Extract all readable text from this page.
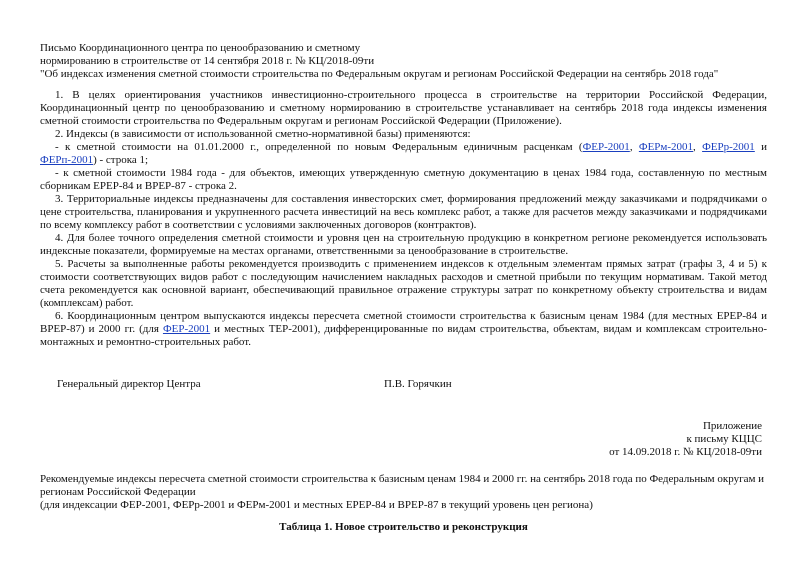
Письмо Координационного центра по ценообразованию и сметному
нормированию в строительстве от 14 сентября 2018 г. № КЦ/2018-09ти
"Об индексах изменения сметной стоимости строительства по Федеральным округам и регионам Российской Федерации на сентябрь 2018 года"

1. В целях ориентирования участников инвестиционно-строительного процесса в строительстве на территории Российской Федерации, Координационный центр по ценообразованию и сметному нормированию в строительстве устанавливает на сентябрь 2018 года индексы изменения сметной стоимости строительства по Федеральным округам и регионам Российской Федерации (Приложение).

2. Индексы (в зависимости от использованной сметно-нормативной базы) применяются:

- к сметной стоимости на 01.01.2000 г., определенной по новым Федеральным единичным расценкам (ФЕР-2001, ФЕРм-2001, ФЕРр-2001 и ФЕРп-2001) - строка 1;

- к сметной стоимости 1984 года - для объектов, имеющих утвержденную сметную документацию в ценах 1984 года, составленную по местным сборникам ЕРЕР-84 и ВРЕР-87 - строка 2.

3. Территориальные индексы предназначены для составления инвесторских смет, формирования предложений между заказчиками и подрядчиками о цене строительства, планирования и укрупненного расчета инвестиций на весь комплекс работ, а также для расчетов между заказчиками и подрядчиками по всему комплексу работ в соответствии с условиями заключенных договоров (контрактов).

4. Для более точного определения сметной стоимости и уровня цен на строительную продукцию в конкретном регионе рекомендуется использовать индексные показатели, формируемые на местах органами, ответственными за ценообразование в строительстве.

5. Расчеты за выполненные работы рекомендуется производить с применением индексов к отдельным элементам прямых затрат (графы 3, 4 и 5) к стоимости соответствующих видов работ с последующим начислением накладных расходов и сметной прибыли по текущим нормативам. Такой метод счета рекомендуется как основной вариант, обеспечивающий правильное отражение структуры затрат по конкретному объекту строительства и видам (комплексам) работ.

6. Координационным центром выпускаются индексы пересчета сметной стоимости строительства к базисным ценам 1984 (для местных ЕРЕР-84 и ВРЕР-87) и 2000 гг. (для ФЕР-2001 и местных ТЕР-2001), дифференцированные по видам строительства, объектам, видам и комплексам строительно-монтажных и ремонтно-строительных работ.

Генеральный директор Центра	П.В. Горячкин
Приложение
к письму КЦЦС
от 14.09.2018 г. № КЦ/2018-09ти
Рекомендуемые индексы пересчета сметной стоимости строительства к базисным ценам 1984 и 2000 гг. на сентябрь 2018 года по Федеральным округам и регионам Российской Федерации
(для индексации ФЕР-2001, ФЕРр-2001 и ФЕРм-2001 и местных ЕРЕР-84 и ВРЕР-87 в текущий уровень цен региона)
Таблица 1. Новое строительство и реконструкция
